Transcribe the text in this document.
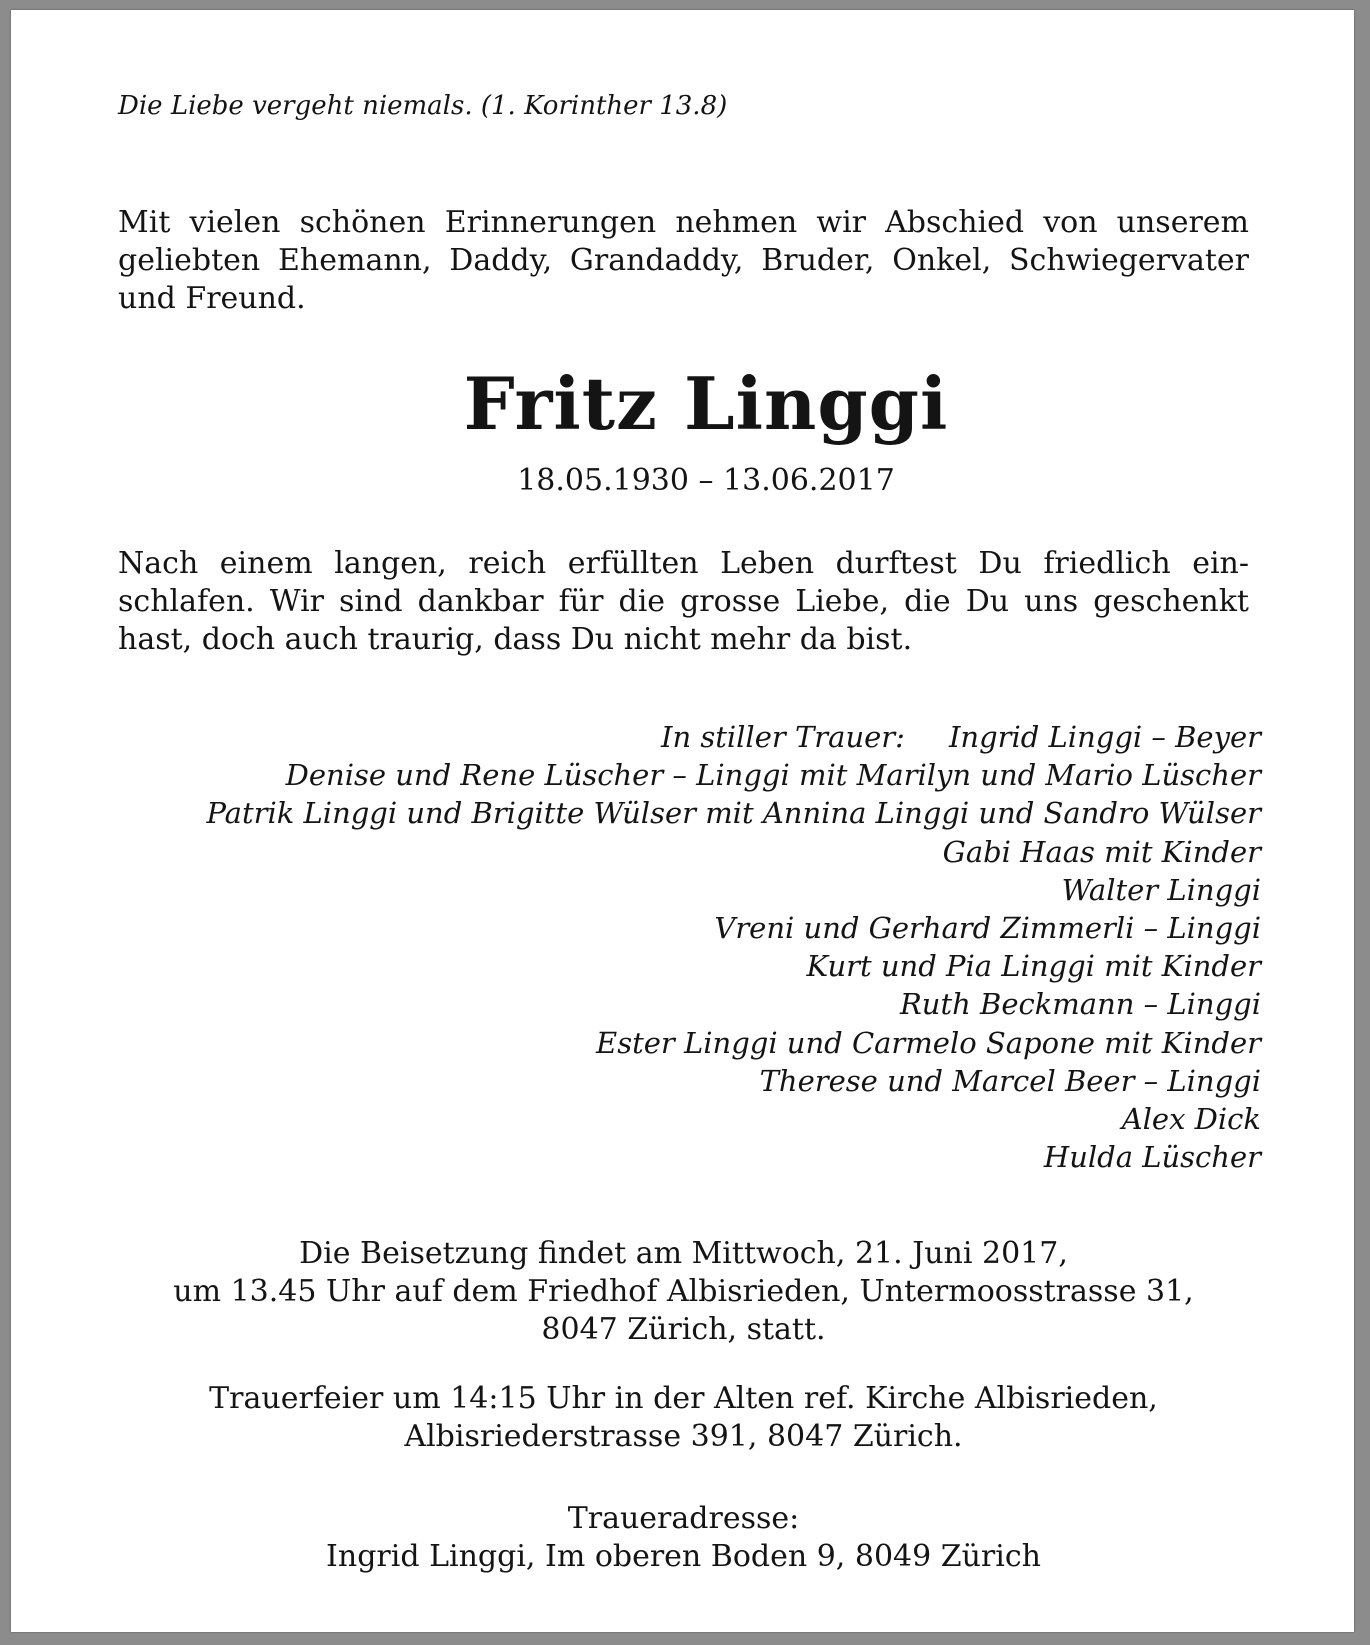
Die Liebe vergeht niemals. (1. Korinther 13.8)

Mit vielen schönen Erinnerungen nehmen wir Abschied von unserem geliebten Ehemann, Daddy, Grandaddy, Bruder, Onkel, Schwiegervater und Freund.

Fritz Linggi

18.05.1930 – 13.06.2017

Nach einem langen, reich erfüllten Leben durftest Du friedlich einschlafen. Wir sind dankbar für die grosse Liebe, die Du uns geschenkt hast, doch auch traurig, dass Du nicht mehr da bist.

In stiller Trauer: Ingrid Linggi – Beyer
Denise und Rene Lüscher – Linggi mit Marilyn und Mario Lüscher
Patrik Linggi und Brigitte Wülser mit Annina Linggi und Sandro Wülser
Gabi Haas mit Kinder
Walter Linggi
Vreni und Gerhard Zimmerli – Linggi
Kurt und Pia Linggi mit Kinder
Ruth Beckmann – Linggi
Ester Linggi und Carmelo Sapone mit Kinder
Therese und Marcel Beer – Linggi
Alex Dick
Hulda Lüscher
Die Beisetzung findet am Mittwoch, 21. Juni 2017,
um 13.45 Uhr auf dem Friedhof Albisrieden, Untermoosstrasse 31,
8047 Zürich, statt.
Trauerfeier um 14:15 Uhr in der Alten ref. Kirche Albisrieden,
Albisriederstrasse 391, 8047 Zürich.
Traueradresse:
Ingrid Linggi, Im oberen Boden 9, 8049 Zürich
